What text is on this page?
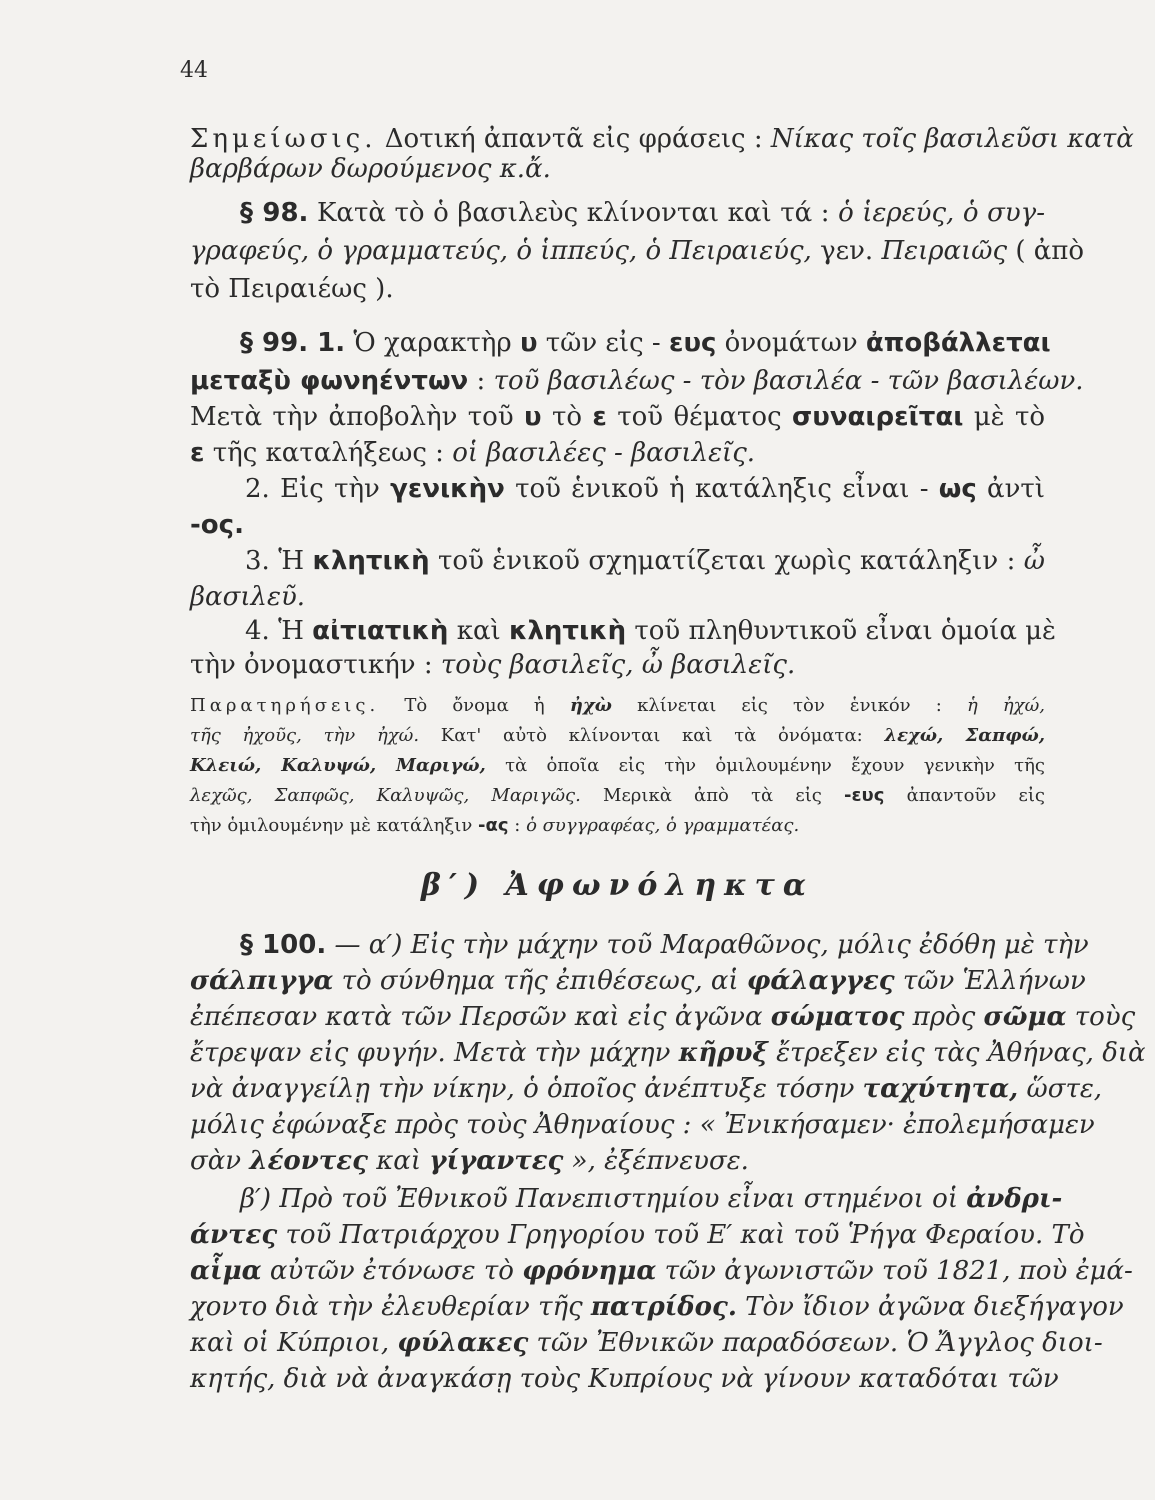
44
Σημείωσις. Δοτική ἀπαντᾶ εἰς φράσεις : Νίκας τοῖς βασιλεῦσι κατὰ
βαρβάρων δωρούμενος κ.ἄ.
§ 98. Κατὰ τὸ ὁ βασιλεὺς κλίνονται καὶ τά : ὁ ἱερεύς, ὁ συγ-
γραφεύς, ὁ γραμματεύς, ὁ ἱππεύς, ὁ Πειραιεύς, γεν. Πειραιῶς ( ἀπὸ
τὸ Πειραιέως ).
§ 99. 1. Ὁ χαρακτὴρ υ τῶν εἰς - ευς ὀνομάτων ἀποβάλλεται
μεταξὺ φωνηέντων : τοῦ βασιλέως - τὸν βασιλέα - τῶν βασιλέων.
Μετὰ τὴν ἀποβολὴν τοῦ υ τὸ ε τοῦ θέματος συναιρεῖται μὲ τὸ
ε τῆς καταλήξεως : οἱ βασιλέες - βασιλεῖς.
2. Εἰς τὴν γενικὴν τοῦ ἑνικοῦ ἡ κατάληξις εἶναι - ως ἀντὶ
-ος.
3. Ἡ κλητικὴ τοῦ ἑνικοῦ σχηματίζεται χωρὶς κατάληξιν : ὦ
βασιλεῦ.
4. Ἡ αἰτιατικὴ καὶ κλητικὴ τοῦ πληθυντικοῦ εἶναι ὁμοία μὲ
τὴν ὀνομαστικήν : τοὺς βασιλεῖς, ὦ βασιλεῖς.
Παρατηρήσεις. Τὸ ὄνομα ἡ ἠχὼ κλίνεται εἰς τὸν ἑνικόν : ἡ ἠχώ,
τῆς ἠχοῦς, τὴν ἠχώ. Κατ' αὐτὸ κλίνονται καὶ τὰ ὀνόματα: λεχώ, Σαπφώ,
Κλειώ, Καλυψώ, Μαριγώ, τὰ ὁποῖα εἰς τὴν ὁμιλουμένην ἔχουν γενικὴν τῆς
λεχῶς, Σαπφῶς, Καλυψῶς, Μαριγῶς. Μερικὰ ἀπὸ τὰ εἰς -ευς ἀπαντοῦν εἰς
τὴν ὁμιλουμένην μὲ κατάληξιν -ας : ὁ συγγραφέας, ὁ γραμματέας.
β′) Ἀφωνόληκτα
§ 100. — α′) Εἰς τὴν μάχην τοῦ Μαραθῶνος, μόλις ἐδόθη μὲ τὴν
σάλπιγγα τὸ σύνθημα τῆς ἐπιθέσεως, αἱ φάλαγγες τῶν Ἑλλήνων
ἐπέπεσαν κατὰ τῶν Περσῶν καὶ εἰς ἀγῶνα σώματος πρὸς σῶμα τοὺς
ἔτρεψαν εἰς φυγήν. Μετὰ τὴν μάχην κῆρυξ ἔτρεξεν εἰς τὰς Ἀθήνας, διὰ
νὰ ἀναγγείλῃ τὴν νίκην, ὁ ὁποῖος ἀνέπτυξε τόσην ταχύτητα, ὥστε,
μόλις ἐφώναξε πρὸς τοὺς Ἀθηναίους : « Ἐνικήσαμεν· ἐπολεμήσαμεν
σὰν λέοντες καὶ γίγαντες », ἐξέπνευσε.
β′) Πρὸ τοῦ Ἐθνικοῦ Πανεπιστημίου εἶναι στημένοι οἱ ἀνδρι-
άντες τοῦ Πατριάρχου Γρηγορίου τοῦ Ε′ καὶ τοῦ Ῥήγα Φεραίου. Τὸ
αἷμα αὐτῶν ἐτόνωσε τὸ φρόνημα τῶν ἀγωνιστῶν τοῦ 1821, ποὺ ἐμά-
χοντο διὰ τὴν ἐλευθερίαν τῆς πατρίδος. Τὸν ἴδιον ἀγῶνα διεξήγαγον
καὶ οἱ Κύπριοι, φύλακες τῶν Ἐθνικῶν παραδόσεων. Ὁ Ἄγγλος διοι-
κητής, διὰ νὰ ἀναγκάσῃ τοὺς Κυπρίους νὰ γίνουν καταδόται τῶν
